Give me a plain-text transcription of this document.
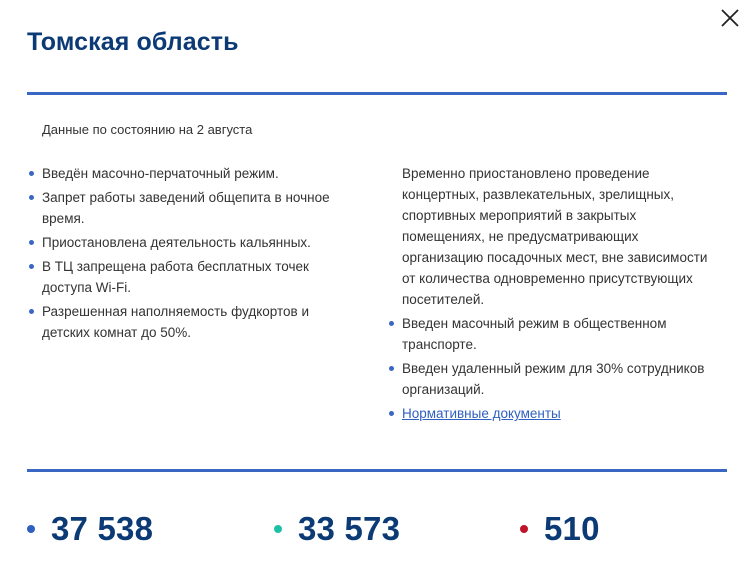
Томская область
Данные по состоянию на 2 августа
Введён масочно-перчаточный режим.
Запрет работы заведений общепита в ночное время.
Приостановлена деятельность кальянных.
В ТЦ запрещена работа бесплатных точек доступа Wi-Fi.
Разрешенная наполняемость фудкортов и детских комнат до 50%.
Временно приостановлено проведение концертных, развлекательных, зрелищных, спортивных мероприятий в закрытых помещениях, не предусматривающих организацию посадочных мест, вне зависимости от количества одновременно присутствующих посетителей.
Введен масочный режим в общественном транспорте.
Введен удаленный режим для 30% сотрудников организаций.
Нормативные документы
37 538	33 573	510
